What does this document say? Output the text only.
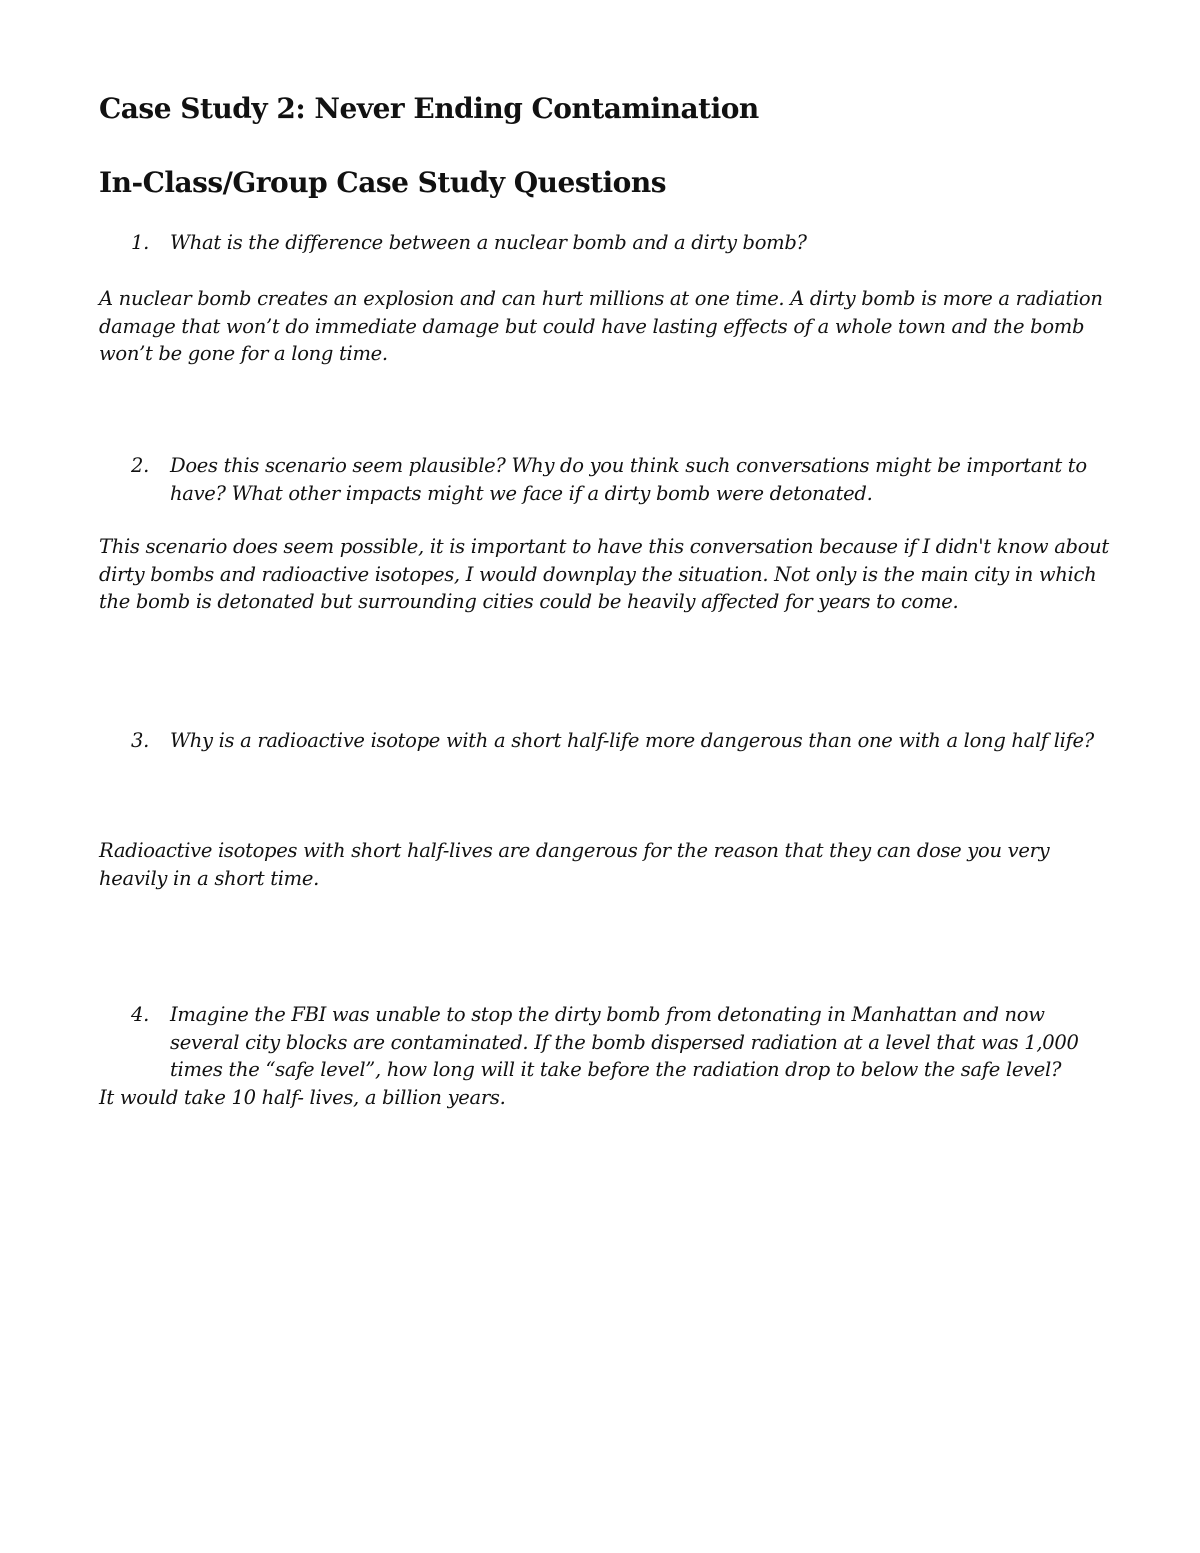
Case Study 2: Never Ending Contamination
In-Class/Group Case Study Questions
1.	What is the difference between a nuclear bomb and a dirty bomb?

A nuclear bomb creates an explosion and can hurt millions at one time. A dirty bomb is more a radiation damage that won’t do immediate damage but could have lasting effects of a whole town and the bomb won’t be gone for a long time.

2.	Does this scenario seem plausible? Why do you think such conversations might be important to have? What other impacts might we face if a dirty bomb were detonated.

This scenario does seem possible, it is important to have this conversation because if I didn't know about dirty bombs and radioactive isotopes, I would downplay the situation. Not only is the main city in which the bomb is detonated but surrounding cities could be heavily affected for years to come.

3.	Why is a radioactive isotope with a short half-life more dangerous than one with a long half life?

Radioactive isotopes with short half-lives are dangerous for the reason that they can dose you very heavily in a short time.

4.	Imagine the FBI was unable to stop the dirty bomb from detonating in Manhattan and now several city blocks are contaminated. If the bomb dispersed radiation at a level that was 1,000 times the “safe level”, how long will it take before the radiation drop to below the safe level?

It would take 10 half- lives, a billion years.
